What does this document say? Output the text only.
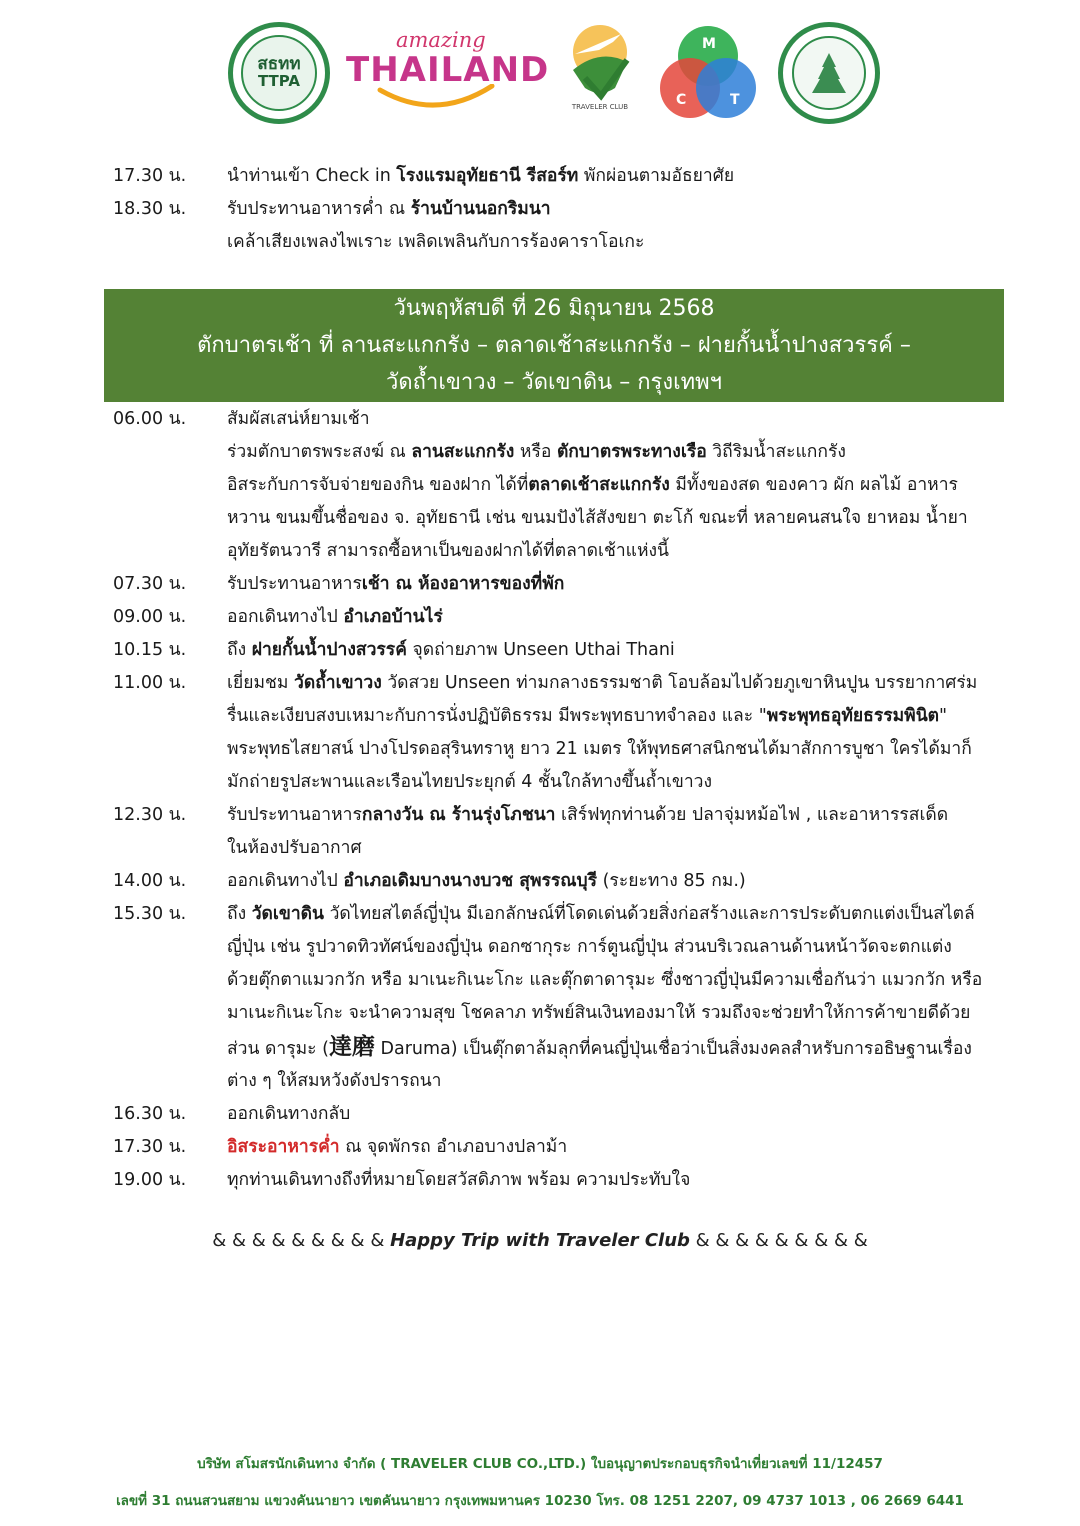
สธทท
TTPA
amazing
THAILAND
TRAVELER CLUB
M
C	T
17.30 น.	นำท่านเข้า Check in โรงแรมอุทัยธานี รีสอร์ท พักผ่อนตามอัธยาศัย
18.30 น.	รับประทานอาหารค่ำ ณ ร้านบ้านนอกริมนา
เคล้าเสียงเพลงไพเราะ เพลิดเพลินกับการร้องคาราโอเกะ
วันพฤหัสบดี ที่ 26 มิถุนายน 2568
ตักบาตรเช้า ที่ ลานสะแกกรัง – ตลาดเช้าสะแกกรัง – ฝายกั้นน้ำปางสวรรค์ –
วัดถ้ำเขาวง – วัดเขาดิน – กรุงเทพฯ
06.00 น.	สัมผัสเสน่ห์ยามเช้า
ร่วมตักบาตรพระสงฆ์ ณ ลานสะแกกรัง หรือ ตักบาตรพระทางเรือ วิถีริมน้ำสะแกกรัง
อิสระกับการจับจ่ายของกิน ของฝาก ได้ที่ตลาดเช้าสะแกกรัง มีทั้งของสด ของคาว ผัก ผลไม้ อาหาร
หวาน ขนมขึ้นชื่อของ จ. อุทัยธานี เช่น ขนมปังไส้สังขยา ตะโก้ ขณะที่ หลายคนสนใจ ยาหอม น้ำยา
อุทัยรัตนวารี สามารถซื้อหาเป็นของฝากได้ที่ตลาดเช้าแห่งนี้
07.30 น.	รับประทานอาหารเช้า ณ ห้องอาหารของที่พัก
09.00 น.	ออกเดินทางไป อำเภอบ้านไร่
10.15 น.	ถึง ฝายกั้นน้ำปางสวรรค์ จุดถ่ายภาพ Unseen Uthai Thani
11.00 น.	เยี่ยมชม วัดถ้ำเขาวง วัดสวย Unseen ท่ามกลางธรรมชาติ โอบล้อมไปด้วยภูเขาหินปูน บรรยากาศร่ม
รื่นและเงียบสงบเหมาะกับการนั่งปฏิบัติธรรม มีพระพุทธบาทจำลอง และ "พระพุทธอุทัยธรรมพินิต"
พระพุทธไสยาสน์ ปางโปรดอสุรินทราหู ยาว 21 เมตร ให้พุทธศาสนิกชนได้มาสักการบูชา ใครได้มาก็
มักถ่ายรูปสะพานและเรือนไทยประยุกต์ 4 ชั้นใกล้ทางขึ้นถ้ำเขาวง
12.30 น.	รับประทานอาหารกลางวัน ณ ร้านรุ่งโภชนา เสิร์ฟทุกท่านด้วย ปลาจุ่มหม้อไฟ , และอาหารรสเด็ด
ในห้องปรับอากาศ
14.00 น.	ออกเดินทางไป อำเภอเดิมบางนางบวช สุพรรณบุรี (ระยะทาง 85 กม.)
15.30 น.	ถึง วัดเขาดิน วัดไทยสไตล์ญี่ปุ่น มีเอกลักษณ์ที่โดดเด่นด้วยสิ่งก่อสร้างและการประดับตกแต่งเป็นสไตล์
ญี่ปุ่น เช่น รูปวาดทิวทัศน์ของญี่ปุ่น ดอกซากุระ การ์ตูนญี่ปุ่น ส่วนบริเวณลานด้านหน้าวัดจะตกแต่ง
ด้วยตุ๊กตาแมวกวัก หรือ มาเนะกิเนะโกะ และตุ๊กตาดารุมะ ซึ่งชาวญี่ปุ่นมีความเชื่อกันว่า แมวกวัก หรือ
มาเนะกิเนะโกะ จะนำความสุข โชคลาภ ทรัพย์สินเงินทองมาให้ รวมถึงจะช่วยทำให้การค้าขายดีด้วย
ส่วน ดารุมะ (達磨 Daruma) เป็นตุ๊กตาล้มลุกที่คนญี่ปุ่นเชื่อว่าเป็นสิ่งมงคลสำหรับการอธิษฐานเรื่อง
ต่าง ๆ ให้สมหวังดังปรารถนา
16.30 น.	ออกเดินทางกลับ
17.30 น.	อิสระอาหารค่ำ ณ จุดพักรถ อำเภอบางปลาม้า
19.00 น.	ทุกท่านเดินทางถึงที่หมายโดยสวัสดิภาพ พร้อม ความประทับใจ
& & & & & & & & & Happy Trip with Traveler Club & & & & & & & & &
บริษัท สโมสรนักเดินทาง จำกัด ( TRAVELER CLUB CO.,LTD.) ใบอนุญาตประกอบธุรกิจนำเที่ยวเลขที่ 11/12457
เลขที่ 31 ถนนสวนสยาม แขวงคันนายาว เขตคันนายาว กรุงเทพมหานคร 10230 โทร. 08 1251 2207, 09 4737 1013 , 06 2669 6441
